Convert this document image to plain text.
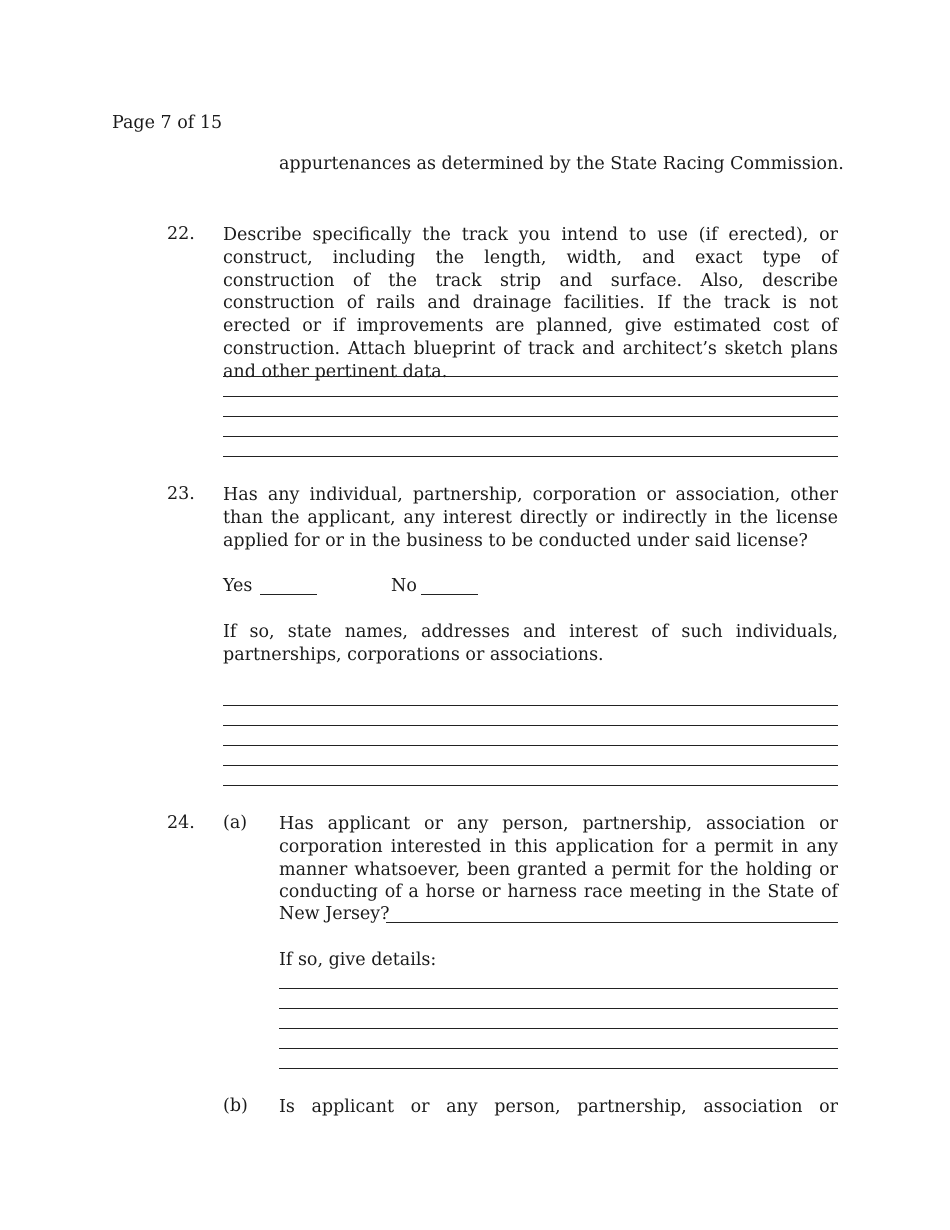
Page 7 of 15
appurtenances as determined by the State Racing Commission.
22. Describe specifically the track you intend to use (if erected), or construct, including the length, width, and exact type of construction of the track strip and surface. Also, describe construction of rails and drainage facilities. If the track is not erected or if improvements are planned, give estimated cost of construction. Attach blueprint of track and architect’s sketch plans and other pertinent data.
23. Has any individual, partnership, corporation or association, other than the applicant, any interest directly or indirectly in the license applied for or in the business to be conducted under said license?
Yes	No
If so, state names, addresses and interest of such individuals, partnerships, corporations or associations.
24. (a) Has applicant or any person, partnership, association or corporation interested in this application for a permit in any manner whatsoever, been granted a permit for the holding or conducting of a horse or harness race meeting in the State of
New Jersey?
If so, give details:
(b) Is applicant or any person, partnership, association or
